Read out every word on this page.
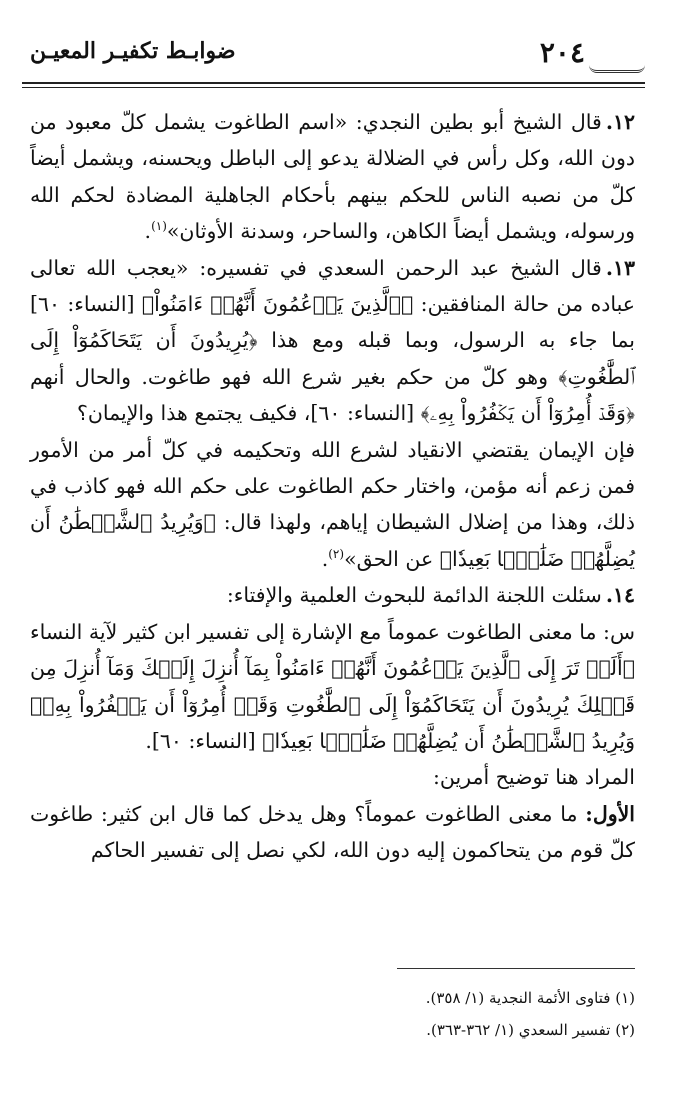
٢٠٤
ضوابـط تكفيـر المعيـن

١٢.قال الشيخ أبو بطين النجدي: «اسم الطاغوت يشمل كلّ معبود من دون الله، وكل رأس في الضلالة يدعو إلى الباطل ويحسنه، ويشمل أيضاً كلّ من نصبه الناس للحكم بينهم بأحكام الجاهلية المضادة لحكم الله ورسوله، ويشمل أيضاً الكاهن، والساحر، وسدنة الأوثان»$^{(١)}$.

١٣.قال الشيخ عبد الرحمن السعدي في تفسيره: «يعجب الله تعالى عباده من حالة المنافقين: ﴿ٱلَّذِينَ يَزۡعُمُونَ أَنَّهُمۡ ءَامَنُواْ﴾ [النساء: ٦٠] بما جاء به الرسول، وبما قبله ومع هذا ﴿يُرِيدُونَ أَن يَتَحَاكَمُوٓاْ إِلَى ٱلطَّٰغُوتِ﴾ وهو كلّ من حكم بغير شرع الله فهو طاغوت. والحال أنهم ﴿وَقَدۡ أُمِرُوٓاْ أَن يَكۡفُرُواْ بِهِۦ﴾ [النساء: ٦٠]، فكيف يجتمع هذا والإيمان؟

فإن الإيمان يقتضي الانقياد لشرع الله وتحكيمه في كلّ أمر من الأمور فمن زعم أنه مؤمن، واختار حكم الطاغوت على حكم الله فهو كاذب في ذلك، وهذا من إضلال الشيطان إياهم، ولهذا قال: ﴿وَيُرِيدُ ٱلشَّيۡطَٰنُ أَن يُضِلَّهُمۡ ضَلَٰلَۢا بَعِيدٗا﴾ عن الحق»$^{(٢)}$.

١٤.سئلت اللجنة الدائمة للبحوث العلمية والإفتاء:

س: ما معنى الطاغوت عموماً مع الإشارة إلى تفسير ابن كثير لآية النساء ﴿أَلَمۡ تَرَ إِلَى ٱلَّذِينَ يَزۡعُمُونَ أَنَّهُمۡ ءَامَنُواْ بِمَآ أُنزِلَ إِلَيۡكَ وَمَآ أُنزِلَ مِن قَبۡلِكَ يُرِيدُونَ أَن يَتَحَاكَمُوٓاْ إِلَى ٱلطَّٰغُوتِ وَقَدۡ أُمِرُوٓاْ أَن يَكۡفُرُواْ بِهِۦۖ وَيُرِيدُ ٱلشَّيۡطَٰنُ أَن يُضِلَّهُمۡ ضَلَٰلَۢا بَعِيدٗا﴾ [النساء: ٦٠].

المراد هنا توضيح أمرين:

الأول: ما معنى الطاغوت عموماً؟ وهل يدخل كما قال ابن كثير: طاغوت كلّ قوم من يتحاكمون إليه دون الله، لكي نصل إلى تفسير الحاكم

(١) فتاوى الأئمة النجدية (١/ ٣٥٨).

(٢) تفسير السعدي (١/ ٣٦٢-٣٦٣).
